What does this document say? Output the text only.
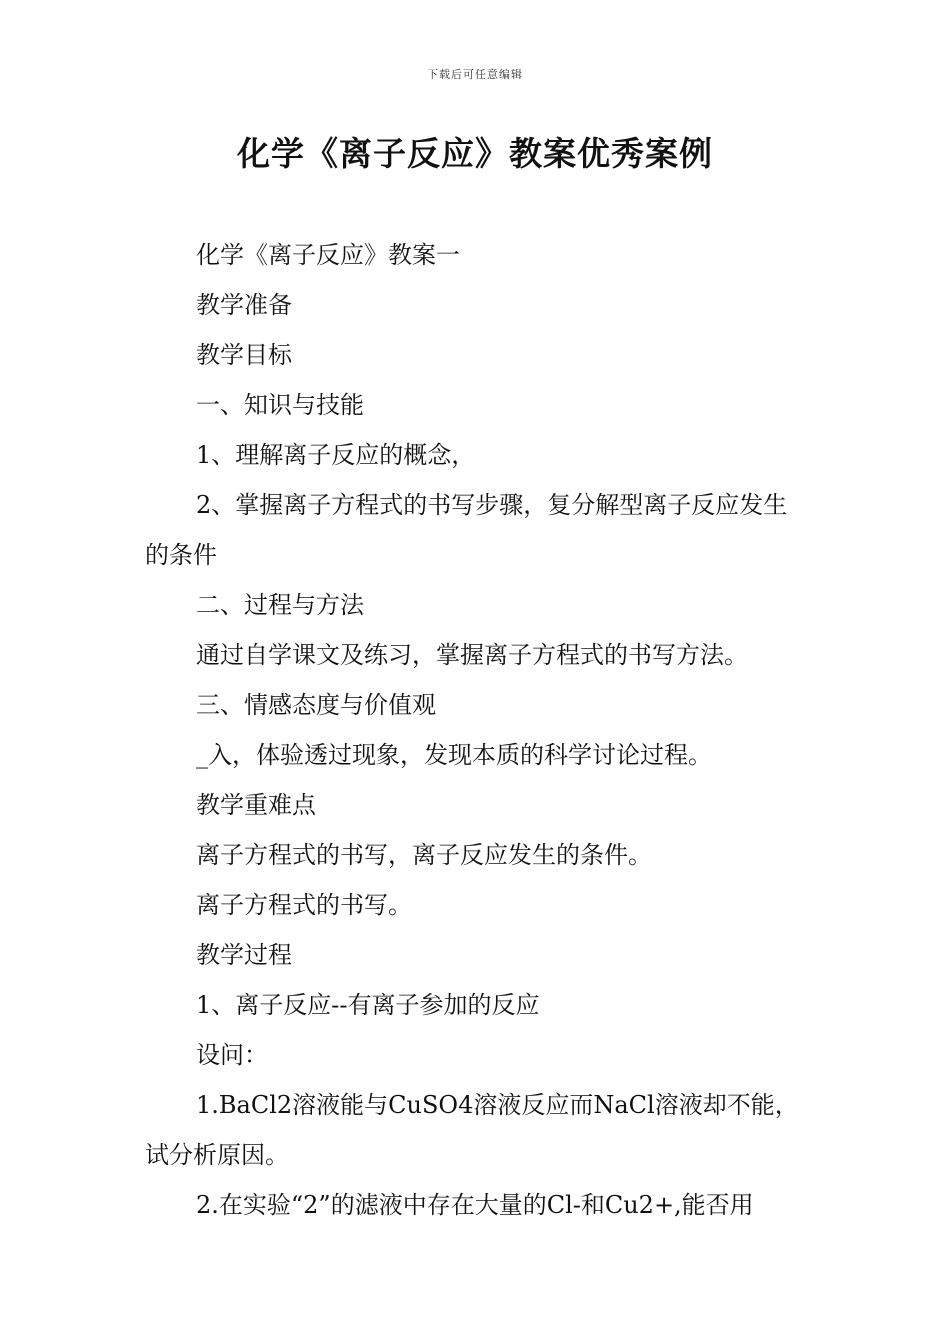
下载后可任意编辑
化学《离子反应》教案优秀案例

化学《离子反应》教案一

教学准备

教学目标

一、知识与技能

1、理解离子反应的概念，

2、掌握离子方程式的书写步骤，复分解型离子反应发生的条件

二、过程与方法

通过自学课文及练习，掌握离子方程式的书写方法。

三、情感态度与价值观

_入，体验透过现象，发现本质的科学讨论过程。

教学重难点

离子方程式的书写，离子反应发生的条件。

离子方程式的书写。

教学过程

1、离子反应--有离子参加的反应

设问：

1.BaCl2溶液能与CuSO4溶液反应而NaCl溶液却不能，试分析原因。

2.在实验“2”的滤液中存在大量的Cl-和Cu2+,能否用
